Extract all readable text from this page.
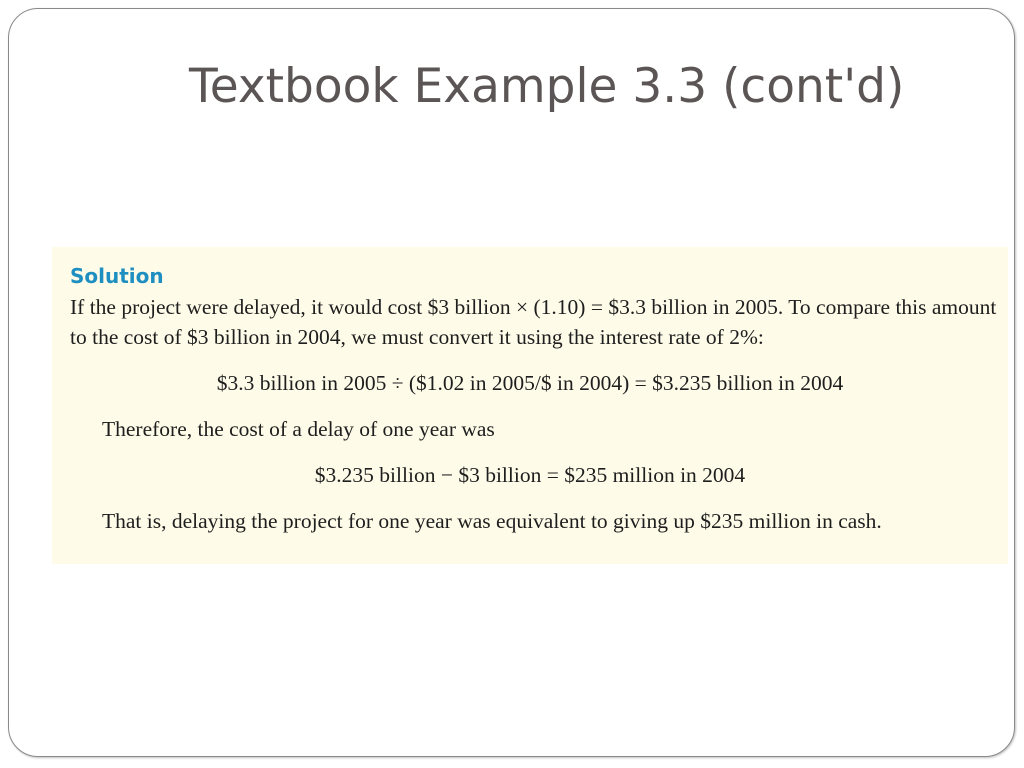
Textbook Example 3.3 (cont'd)
Solution
If the project were delayed, it would cost $3 billion × (1.10) = $3.3 billion in 2005. To compare this amount to the cost of $3 billion in 2004, we must convert it using the interest rate of 2%:
$3.3 billion in 2005 ÷ ($1.02 in 2005/$ in 2004) = $3.235 billion in 2004
Therefore, the cost of a delay of one year was
$3.235 billion − $3 billion = $235 million in 2004
That is, delaying the project for one year was equivalent to giving up $235 million in cash.
